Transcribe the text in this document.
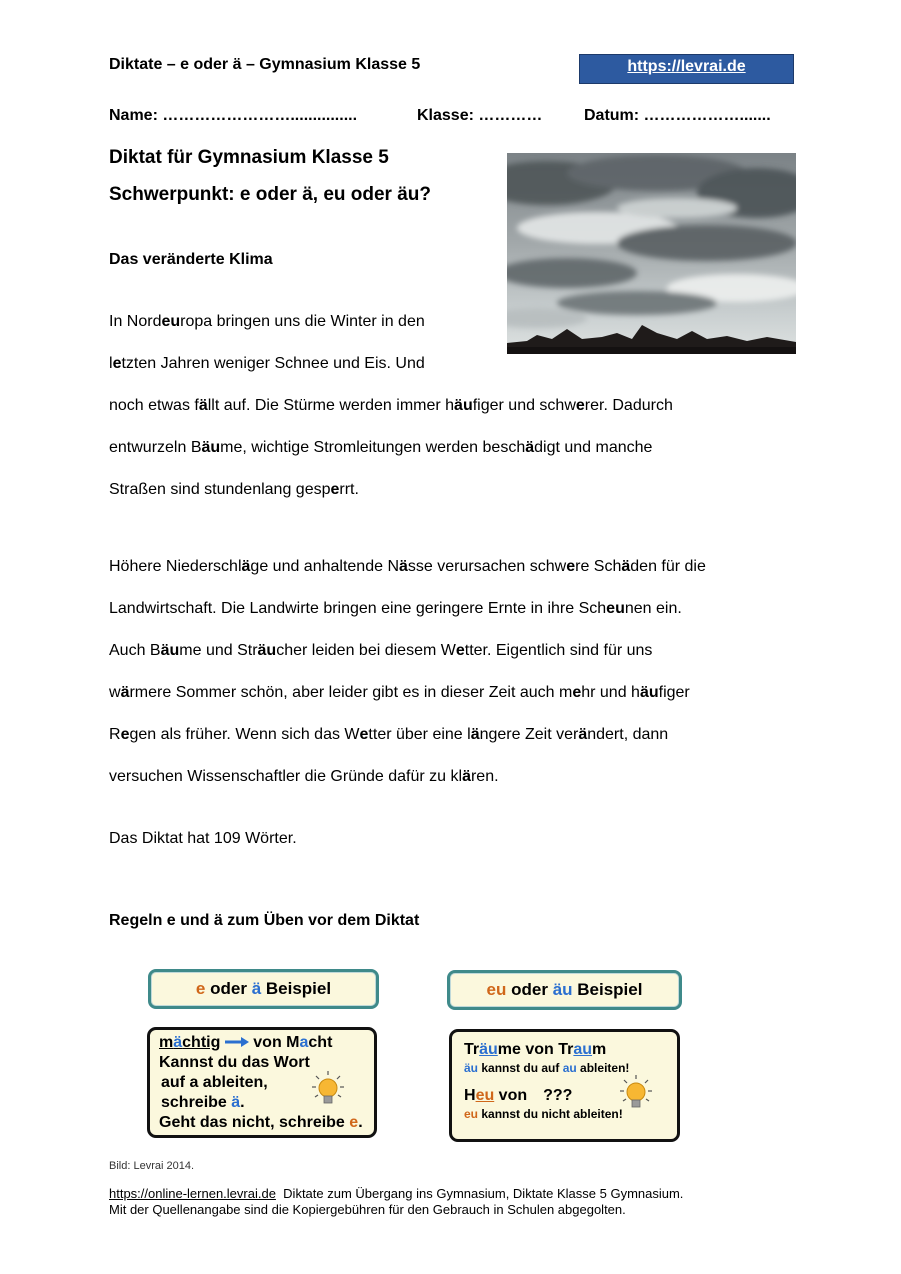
Diktate – e oder ä – Gymnasium Klasse 5	https://levrai.de
Name: ……………………...............	Klasse: …………	Datum: ……………….......
Diktat für Gymnasium Klasse 5
Schwerpunkt: e oder ä, eu oder äu?
Das veränderte Klima
In Nordeuropa bringen uns die Winter in den
letzten Jahren weniger Schnee und Eis. Und
noch etwas fällt auf. Die Stürme werden immer häufiger und schwerer. Dadurch
entwurzeln Bäume, wichtige Stromleitungen werden beschädigt und manche
Straßen sind stundenlang gesperrt.
Höhere Niederschläge und anhaltende Nässe verursachen schwere Schäden für die
Landwirtschaft. Die Landwirte bringen eine geringere Ernte in ihre Scheunen ein.
Auch Bäume und Sträucher leiden bei diesem Wetter. Eigentlich sind für uns
wärmere Sommer schön, aber leider gibt es in dieser Zeit auch mehr und häufiger
Regen als früher. Wenn sich das Wetter über eine längere Zeit verändert, dann
versuchen Wissenschaftler die Gründe dafür zu klären.
Das Diktat hat 109 Wörter.
Regeln e und ä zum Üben vor dem Diktat
e oder ä Beispiel
mächtig von Macht
Kannst du das Wort
auf a ableiten,
schreibe ä.
Geht das nicht, schreibe e.
eu oder äu Beispiel
Träume von Traum
äu kannst du auf au ableiten!
Heu von ???
eu kannst du nicht ableiten!
Bild: Levrai 2014.
https://online-lernen.levrai.de  Diktate zum Übergang ins Gymnasium, Diktate Klasse 5 Gymnasium.
Mit der Quellenangabe sind die Kopiergebühren für den Gebrauch in Schulen abgegolten.
